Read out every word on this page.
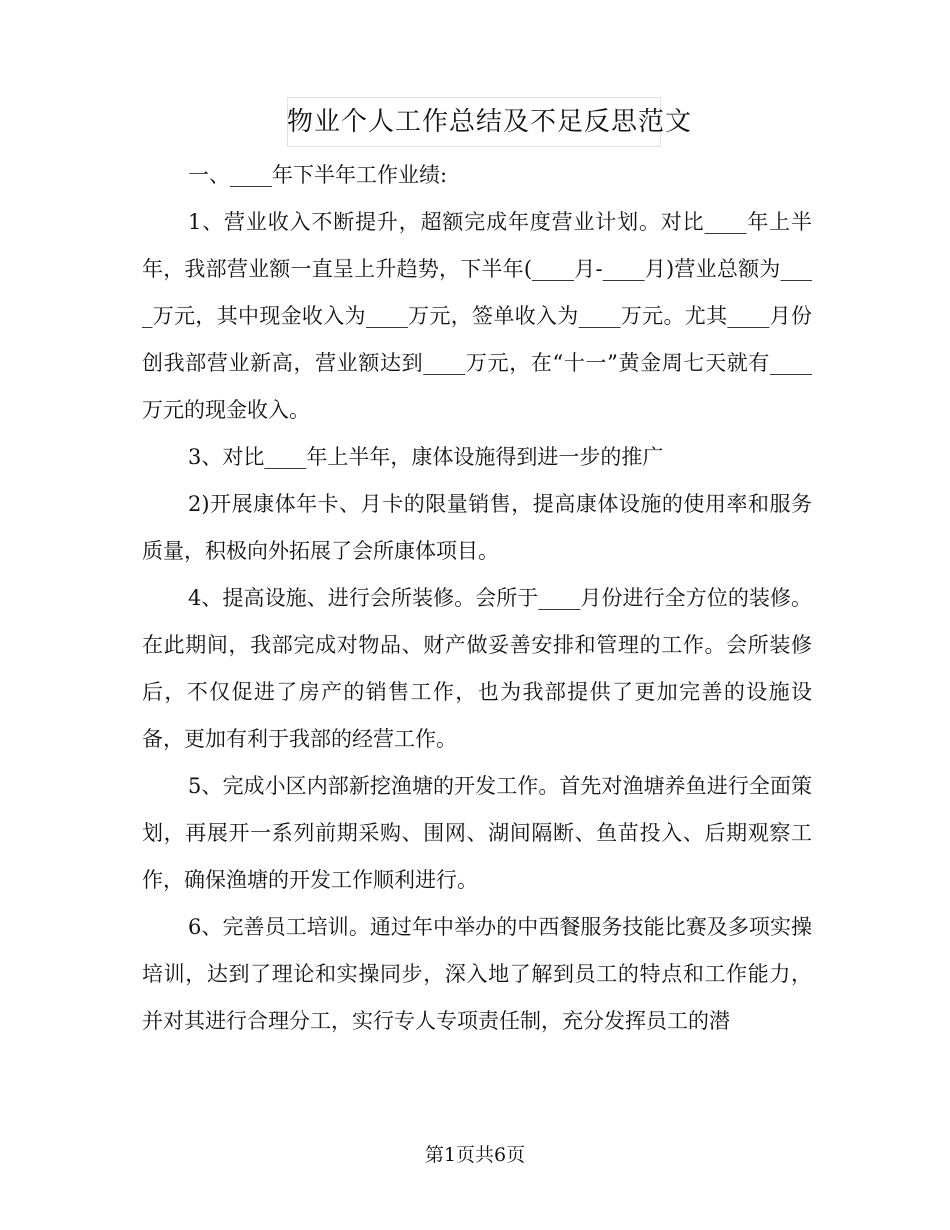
物业个人工作总结及不足反思范文

一、____年下半年工作业绩:

1、营业收入不断提升，超额完成年度营业计划。对比____年上半年，我部营业额一直呈上升趋势，下半年(____月-____月)营业总额为____万元，其中现金收入为____万元，签单收入为____万元。尤其____月份创我部营业新高，营业额达到____万元，在“十一”黄金周七天就有____万元的现金收入。

3、对比____年上半年，康体设施得到进一步的推广

2)开展康体年卡、月卡的限量销售，提高康体设施的使用率和服务质量，积极向外拓展了会所康体项目。

4、提高设施、进行会所装修。会所于____月份进行全方位的装修。在此期间，我部完成对物品、财产做妥善安排和管理的工作。会所装修后，不仅促进了房产的销售工作，也为我部提供了更加完善的设施设备，更加有利于我部的经营工作。

5、完成小区内部新挖渔塘的开发工作。首先对渔塘养鱼进行全面策划，再展开一系列前期采购、围网、湖间隔断、鱼苗投入、后期观察工作，确保渔塘的开发工作顺利进行。

6、完善员工培训。通过年中举办的中西餐服务技能比赛及多项实操培训，达到了理论和实操同步，深入地了解到员工的特点和工作能力，并对其进行合理分工，实行专人专项责任制，充分发挥员工的潜

第1页共6页
